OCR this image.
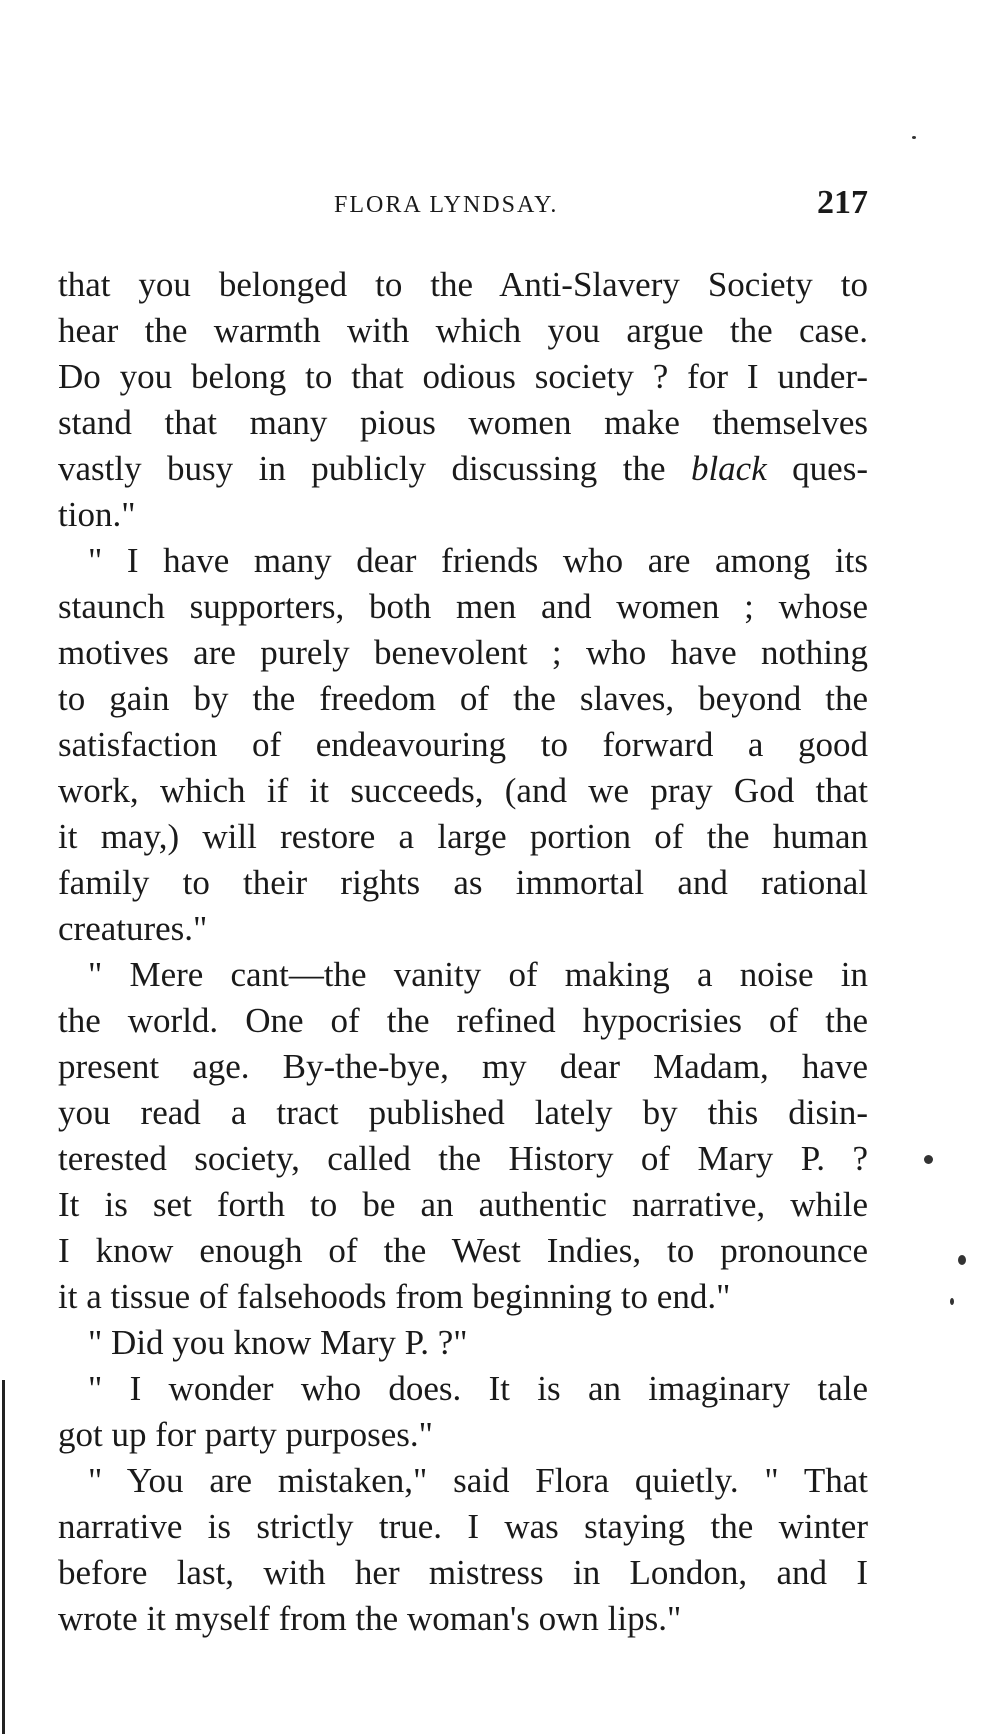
FLORA LYNDSAY.	217
that you belonged to the Anti-Slavery Society to
hear the warmth with which you argue the case.
Do you belong to that odious society ? for I under-
stand that many pious women make themselves
vastly busy in publicly discussing the black ques-
tion."
" I have many dear friends who are among its
staunch supporters, both men and women ; whose
motives are purely benevolent ; who have nothing
to gain by the freedom of the slaves, beyond the
satisfaction of endeavouring to forward a good
work, which if it succeeds, (and we pray God that
it may,) will restore a large portion of the human
family to their rights as immortal and rational
creatures."
" Mere cant—the vanity of making a noise in
the world. One of the refined hypocrisies of the
present age. By-the-bye, my dear Madam, have
you read a tract published lately by this disin-
terested society, called the History of Mary P. ?
It is set forth to be an authentic narrative, while
I know enough of the West Indies, to pronounce
it a tissue of falsehoods from beginning to end."
" Did you know Mary P. ?"
" I wonder who does. It is an imaginary tale
got up for party purposes."
" You are mistaken," said Flora quietly. " That
narrative is strictly true. I was staying the winter
before last, with her mistress in London, and I
wrote it myself from the woman's own lips."
